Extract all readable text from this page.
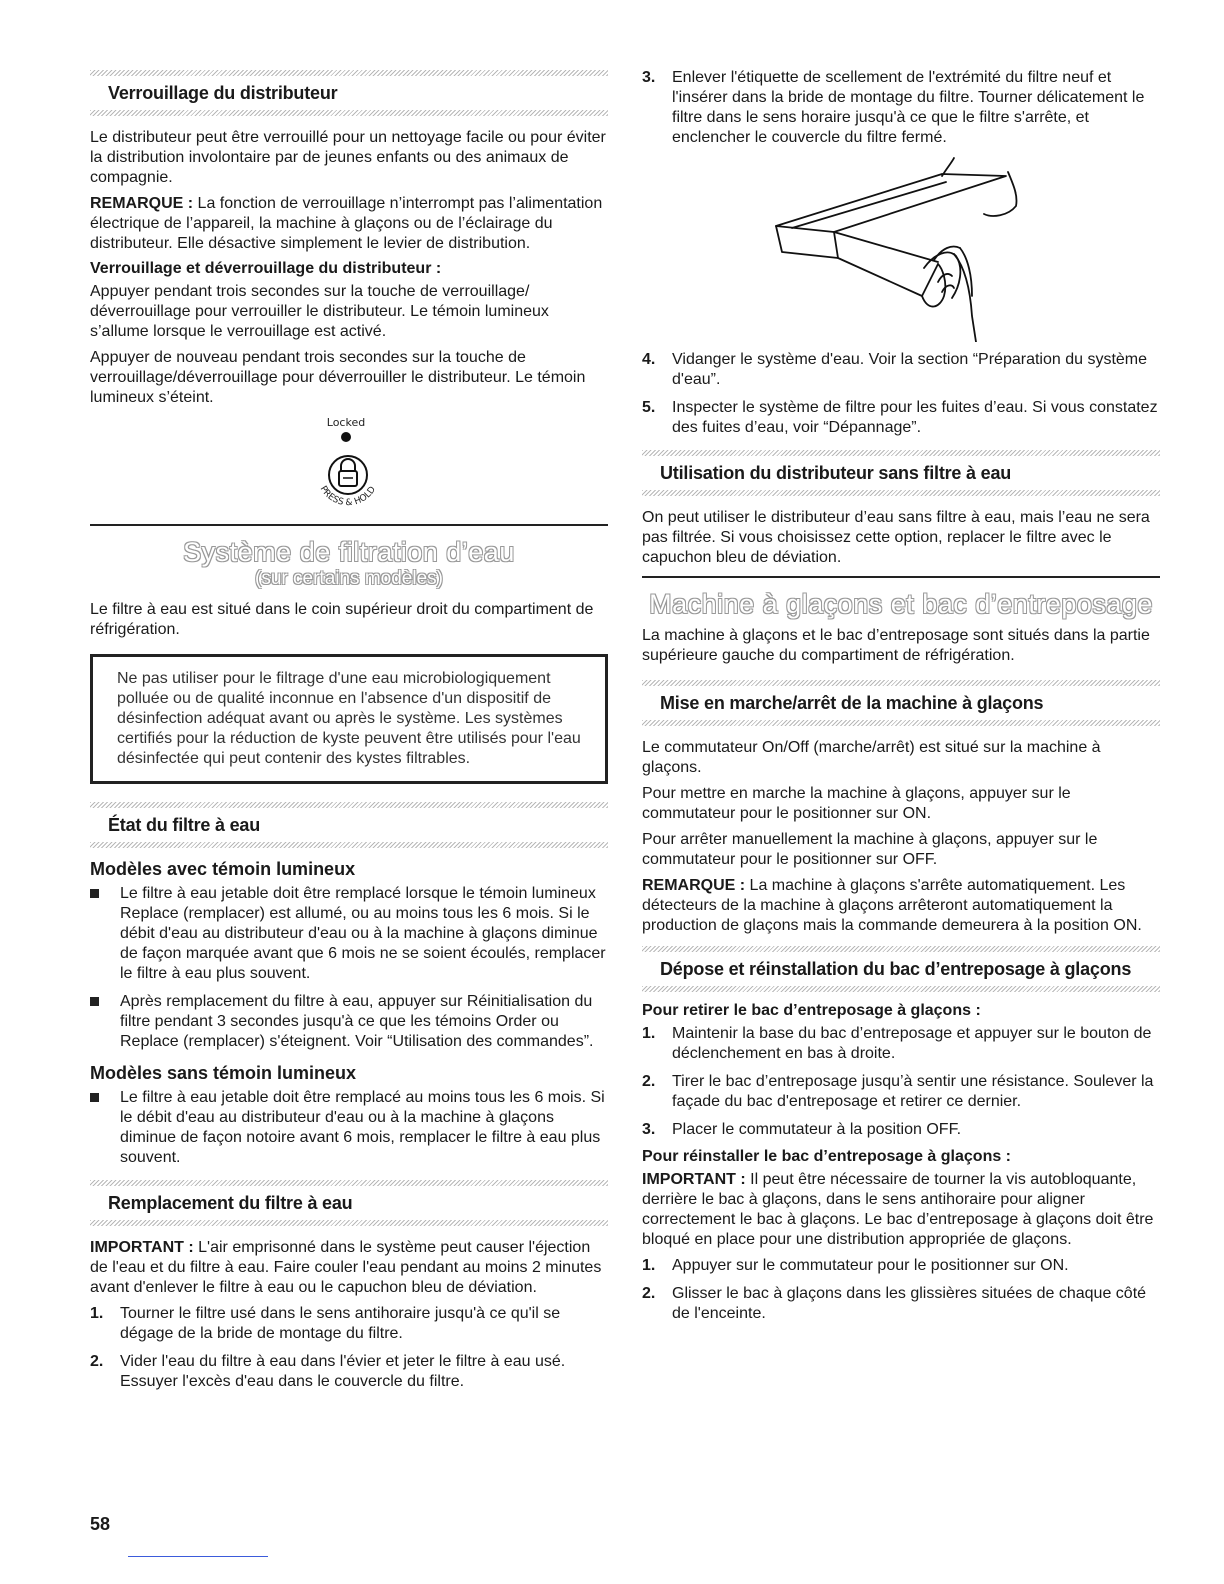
Verrouillage du distributeur

Le distributeur peut être verrouillé pour un nettoyage facile ou pour éviter la distribution involontaire par de jeunes enfants ou des animaux de compagnie.

REMARQUE : La fonction de verrouillage n’interrompt pas l’alimentation électrique de l’appareil, la machine à glaçons ou de l’éclairage du distributeur. Elle désactive simplement le levier de distribution.

Verrouillage et déverrouillage du distributeur :

Appuyer pendant trois secondes sur la touche de verrouillage/ déverrouillage pour verrouiller le distributeur. Le témoin lumineux s’allume lorsque le verrouillage est activé.

Appuyer de nouveau pendant trois secondes sur la touche de verrouillage/déverrouillage pour déverrouiller le distributeur. Le témoin lumineux s’éteint.

Locked
PRESS & HOLD
Système de filtration d’eau
(sur certains modèles)

Le filtre à eau est situé dans le coin supérieur droit du compartiment de réfrigération.

Ne pas utiliser pour le filtrage d'une eau microbiologiquement polluée ou de qualité inconnue en l'absence d'un dispositif de désinfection adéquat avant ou après le système. Les systèmes certifiés pour la réduction de kyste peuvent être utilisés pour l'eau désinfectée qui peut contenir des kystes filtrables.

État du filtre à eau
Modèles avec témoin lumineux
Le filtre à eau jetable doit être remplacé lorsque le témoin lumineux Replace (remplacer) est allumé, ou au moins tous les 6 mois. Si le débit d'eau au distributeur d'eau ou à la machine à glaçons diminue de façon marquée avant que 6 mois ne se soient écoulés, remplacer le filtre à eau plus souvent.
Après remplacement du filtre à eau, appuyer sur Réinitialisation du filtre pendant 3 secondes jusqu'à ce que les témoins Order ou Replace (remplacer) s'éteignent. Voir “Utilisation des commandes”.
Modèles sans témoin lumineux
Le filtre à eau jetable doit être remplacé au moins tous les 6 mois. Si le débit d'eau au distributeur d'eau ou à la machine à glaçons diminue de façon notoire avant 6 mois, remplacer le filtre à eau plus souvent.
Remplacement du filtre à eau

IMPORTANT : L'air emprisonné dans le système peut causer l'éjection de l'eau et du filtre à eau. Faire couler l'eau pendant au moins 2 minutes avant d'enlever le filtre à eau ou le capuchon bleu de déviation.

1. Tourner le filtre usé dans le sens antihoraire jusqu'à ce qu'il se dégage de la bride de montage du filtre.
2. Vider l'eau du filtre à eau dans l'évier et jeter le filtre à eau usé. Essuyer l'excès d'eau dans le couvercle du filtre.
3. Enlever l'étiquette de scellement de l'extrémité du filtre neuf et l'insérer dans la bride de montage du filtre. Tourner délicatement le filtre dans le sens horaire jusqu'à ce que le filtre s'arrête, et enclencher le couvercle du filtre fermé.
4. Vidanger le système d'eau. Voir la section “Préparation du système d'eau”.
5. Inspecter le système de filtre pour les fuites d’eau. Si vous constatez des fuites d’eau, voir “Dépannage”.
Utilisation du distributeur sans filtre à eau

On peut utiliser le distributeur d’eau sans filtre à eau, mais l’eau ne sera pas filtrée. Si vous choisissez cette option, replacer le filtre avec le capuchon bleu de déviation.

Machine à glaçons et bac d’entreposage

La machine à glaçons et le bac d’entreposage sont situés dans la partie supérieure gauche du compartiment de réfrigération.

Mise en marche/arrêt de la machine à glaçons

Le commutateur On/Off (marche/arrêt) est situé sur la machine à glaçons.

Pour mettre en marche la machine à glaçons, appuyer sur le commutateur pour le positionner sur ON.

Pour arrêter manuellement la machine à glaçons, appuyer sur le commutateur pour le positionner sur OFF.

REMARQUE : La machine à glaçons s'arrête automatiquement. Les détecteurs de la machine à glaçons arrêteront automatiquement la production de glaçons mais la commande demeurera à la position ON.

Dépose et réinstallation du bac d’entreposage à glaçons
Pour retirer le bac d’entreposage à glaçons :
1. Maintenir la base du bac d’entreposage et appuyer sur le bouton de déclenchement en bas à droite.
2. Tirer le bac d’entreposage jusqu’à sentir une résistance. Soulever la façade du bac d'entreposage et retirer ce dernier.
3. Placer le commutateur à la position OFF.
Pour réinstaller le bac d’entreposage à glaçons :

IMPORTANT : Il peut être nécessaire de tourner la vis autobloquante, derrière le bac à glaçons, dans le sens antihoraire pour aligner correctement le bac à glaçons. Le bac d’entreposage à glaçons doit être bloqué en place pour une distribution appropriée de glaçons.

1. Appuyer sur le commutateur pour le positionner sur ON.
2. Glisser le bac à glaçons dans les glissières situées de chaque côté de l'enceinte.
58
